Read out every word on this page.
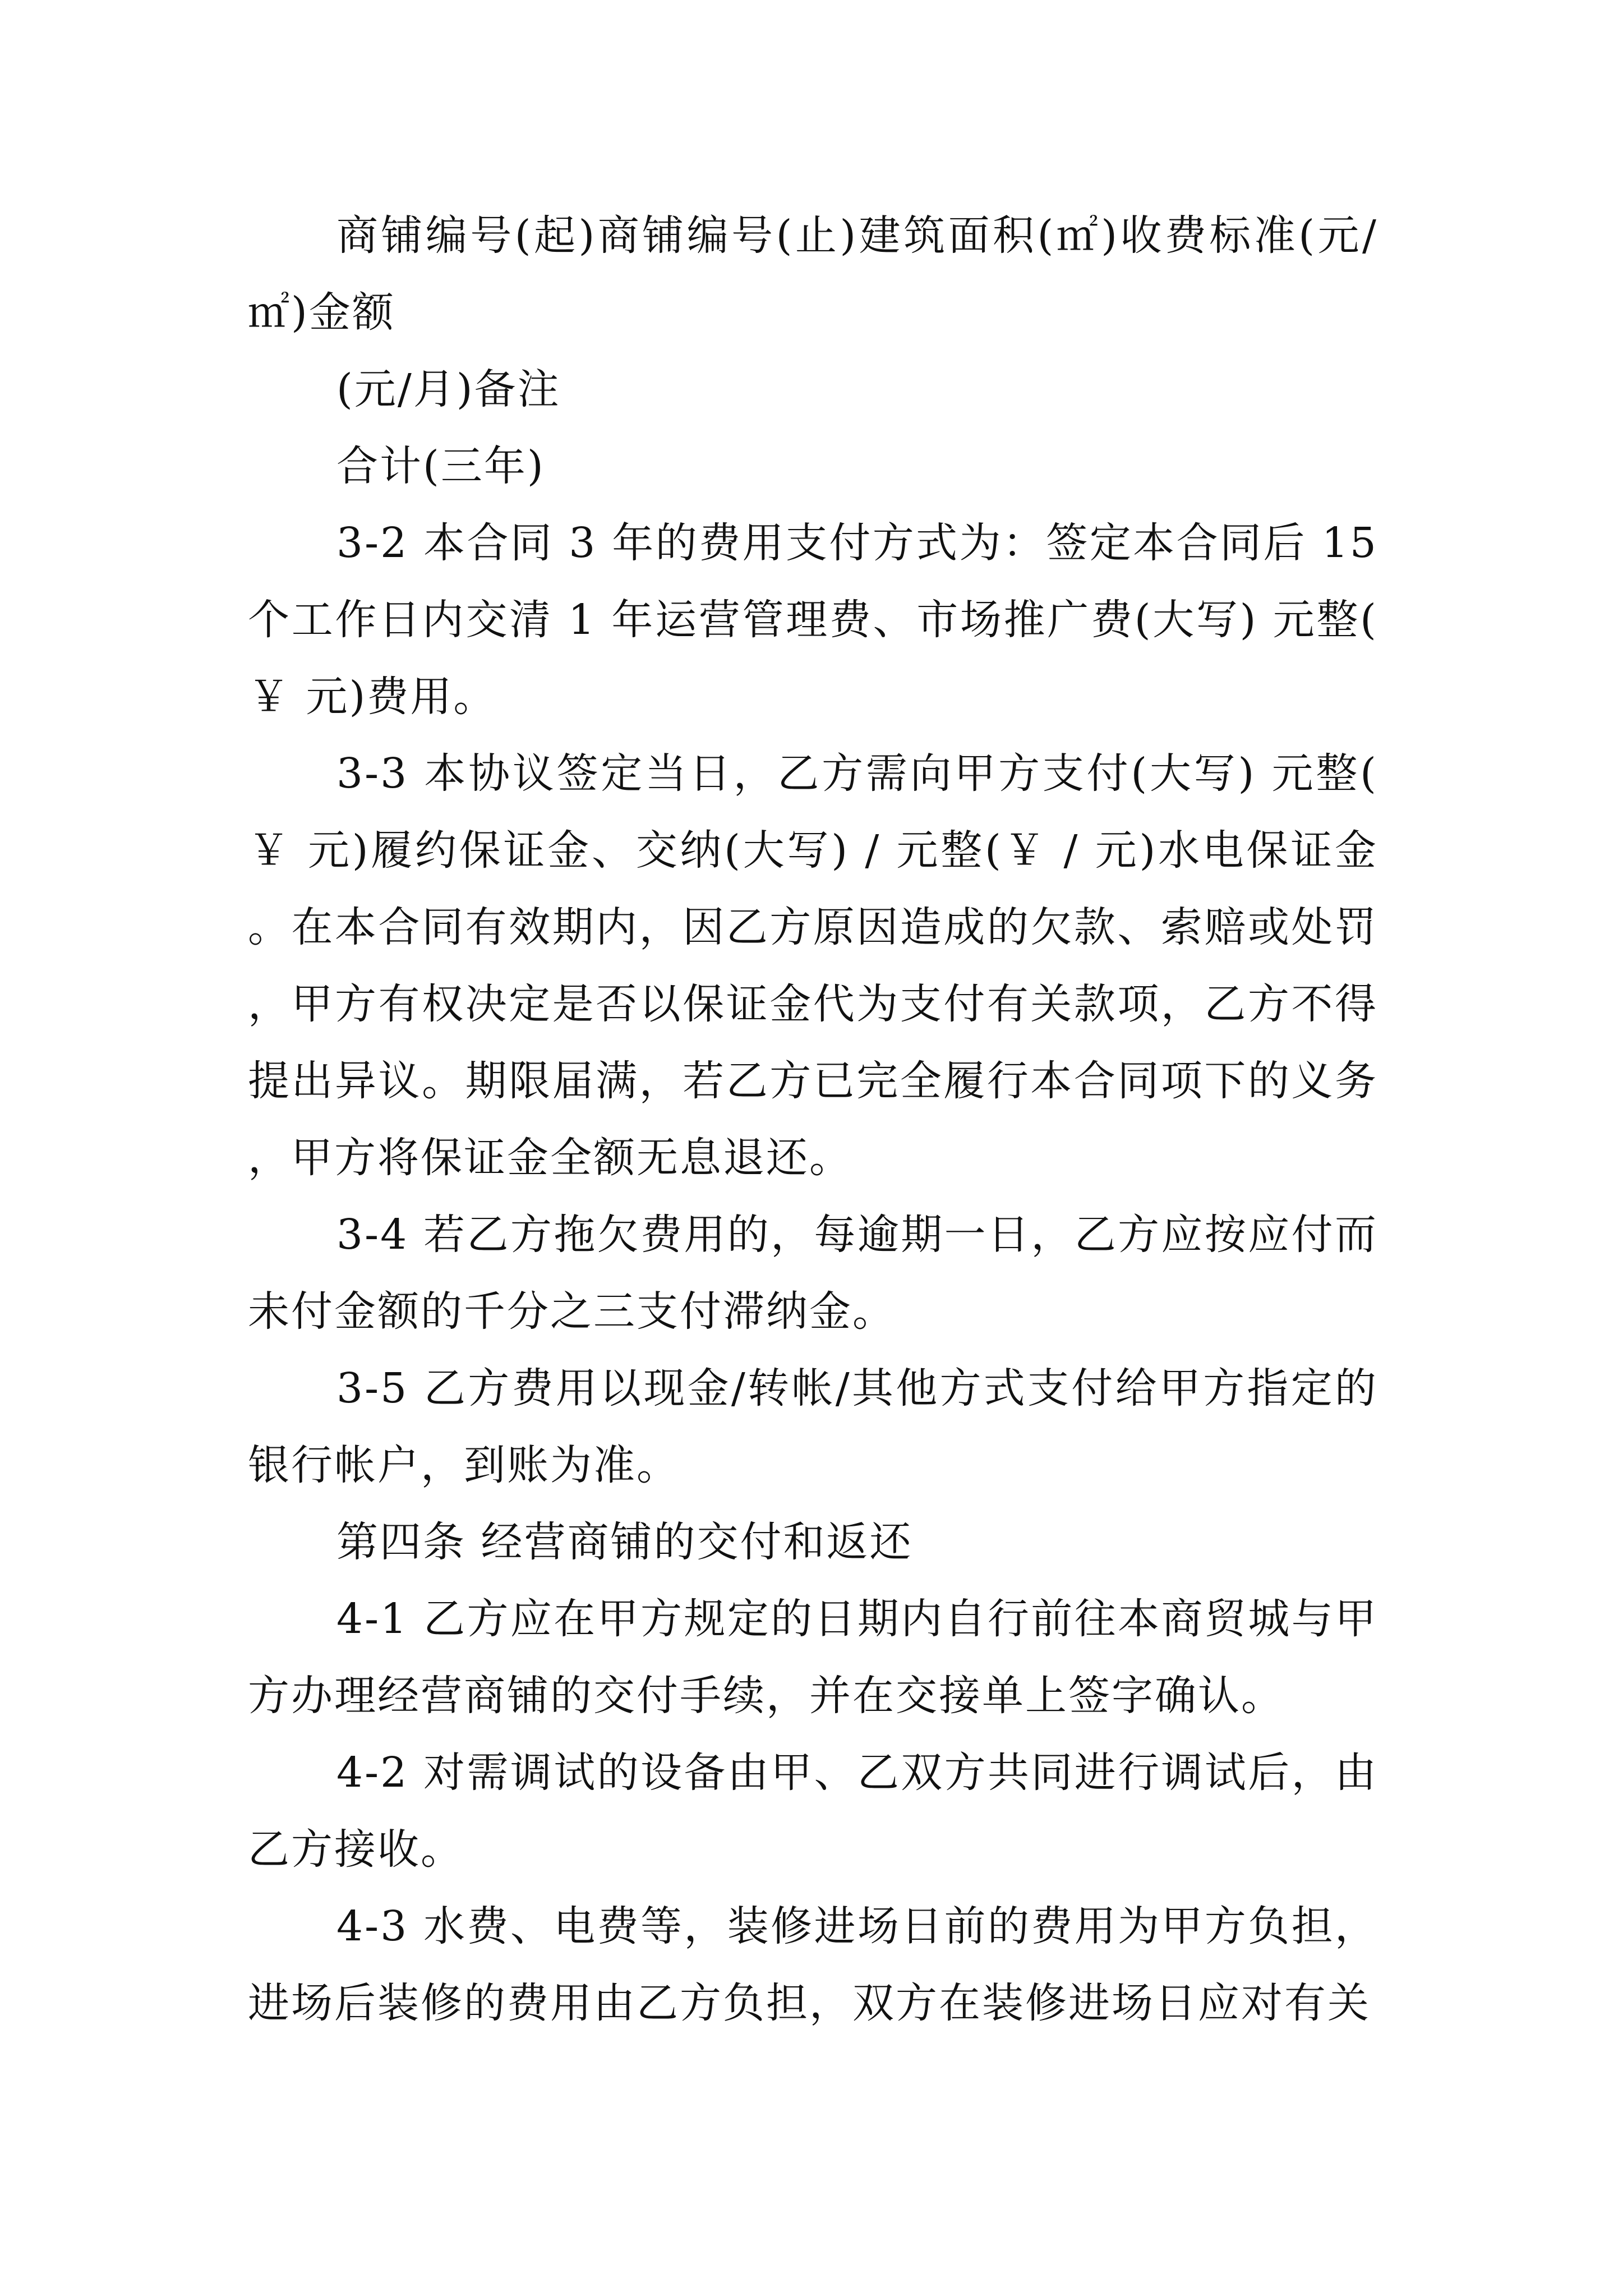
商铺编号(起)商铺编号(止)建筑面积(㎡)收费标准(元/㎡)金额

(元/月)备注

合计(三年)

3-2 本合同 3 年的费用支付方式为：签定本合同后 15 个工作日内交清 1 年运营管理费、市场推广费(大写) 元整(￥ 元)费用。

3-3 本协议签定当日，乙方需向甲方支付(大写) 元整(￥ 元)履约保证金、交纳(大写) / 元整(￥ / 元)水电保证金。在本合同有效期内，因乙方原因造成的欠款、索赔或处罚，甲方有权决定是否以保证金代为支付有关款项，乙方不得提出异议。期限届满，若乙方已完全履行本合同项下的义务，甲方将保证金全额无息退还。

3-4 若乙方拖欠费用的，每逾期一日，乙方应按应付而未付金额的千分之三支付滞纳金。

3-5 乙方费用以现金/转帐/其他方式支付给甲方指定的银行帐户，到账为准。

第四条 经营商铺的交付和返还

4-1 乙方应在甲方规定的日期内自行前往本商贸城与甲方办理经营商铺的交付手续，并在交接单上签字确认。

4-2 对需调试的设备由甲、乙双方共同进行调试后，由乙方接收。

4-3 水费、电费等，装修进场日前的费用为甲方负担，进场后装修的费用由乙方负担，双方在装修进场日应对有关
